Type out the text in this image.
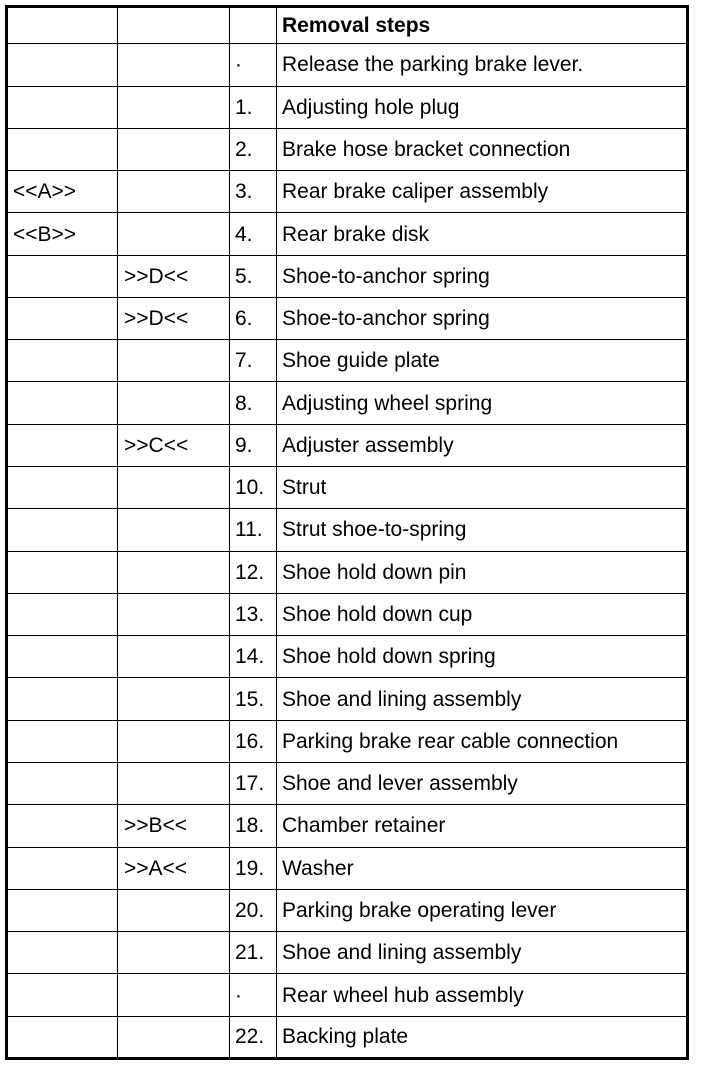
			Removal steps
		·	Release the parking brake lever.
		1.	Adjusting hole plug
		2.	Brake hose bracket connection
<<A>>		3.	Rear brake caliper assembly
<<B>>		4.	Rear brake disk
	>>D<<	5.	Shoe-to-anchor spring
	>>D<<	6.	Shoe-to-anchor spring
		7.	Shoe guide plate
		8.	Adjusting wheel spring
	>>C<<	9.	Adjuster assembly
		10.	Strut
		11.	Strut shoe-to-spring
		12.	Shoe hold down pin
		13.	Shoe hold down cup
		14.	Shoe hold down spring
		15.	Shoe and lining assembly
		16.	Parking brake rear cable connection
		17.	Shoe and lever assembly
	>>B<<	18.	Chamber retainer
	>>A<<	19.	Washer
		20.	Parking brake operating lever
		21.	Shoe and lining assembly
		·	Rear wheel hub assembly
		22.	Backing plate
